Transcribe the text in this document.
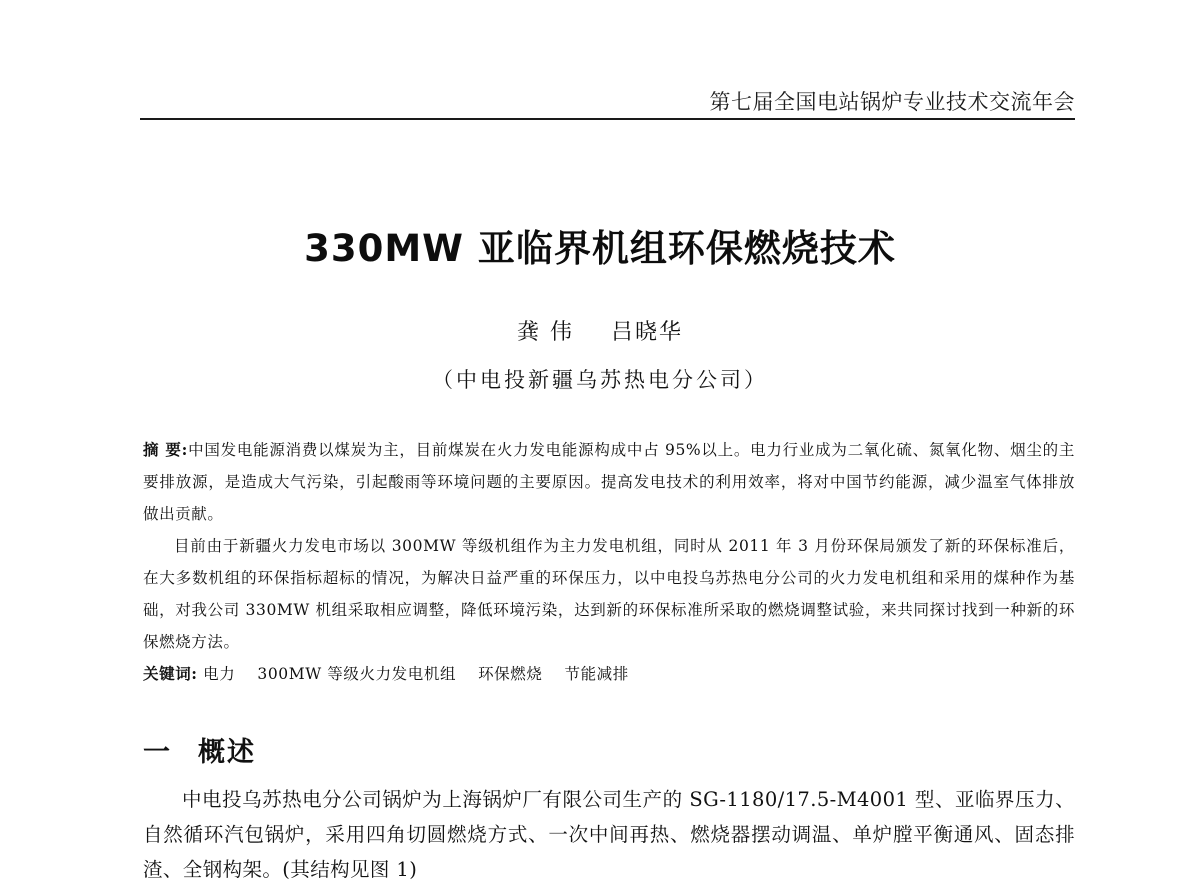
第七届全国电站锅炉专业技术交流年会
330MW 亚临界机组环保燃烧技术
龚 伟 吕晓华
（中电投新疆乌苏热电分公司）

摘 要:中国发电能源消费以煤炭为主，目前煤炭在火力发电能源构成中占 95%以上。电力行业成为二氧化硫、氮氧化物、烟尘的主要排放源，是造成大气污染，引起酸雨等环境问题的主要原因。提高发电技术的利用效率，将对中国节约能源，减少温室气体排放做出贡献。

目前由于新疆火力发电市场以 300MW 等级机组作为主力发电机组，同时从 2011 年 3 月份环保局颁发了新的环保标准后，在大多数机组的环保指标超标的情况，为解决日益严重的环保压力，以中电投乌苏热电分公司的火力发电机组和采用的煤种作为基础，对我公司 330MW 机组采取相应调整，降低环境污染，达到新的环保标准所采取的燃烧调整试验，来共同探讨找到一种新的环保燃烧方法。

关键词: 电力 300MW 等级火力发电机组 环保燃烧 节能减排

一 概述

中电投乌苏热电分公司锅炉为上海锅炉厂有限公司生产的 SG-1180/17.5-M4001 型、亚临界压力、自然循环汽包锅炉，采用四角切圆燃烧方式、一次中间再热、燃烧器摆动调温、单炉膛平衡通风、固态排渣、全钢构架。(其结构见图 1)
